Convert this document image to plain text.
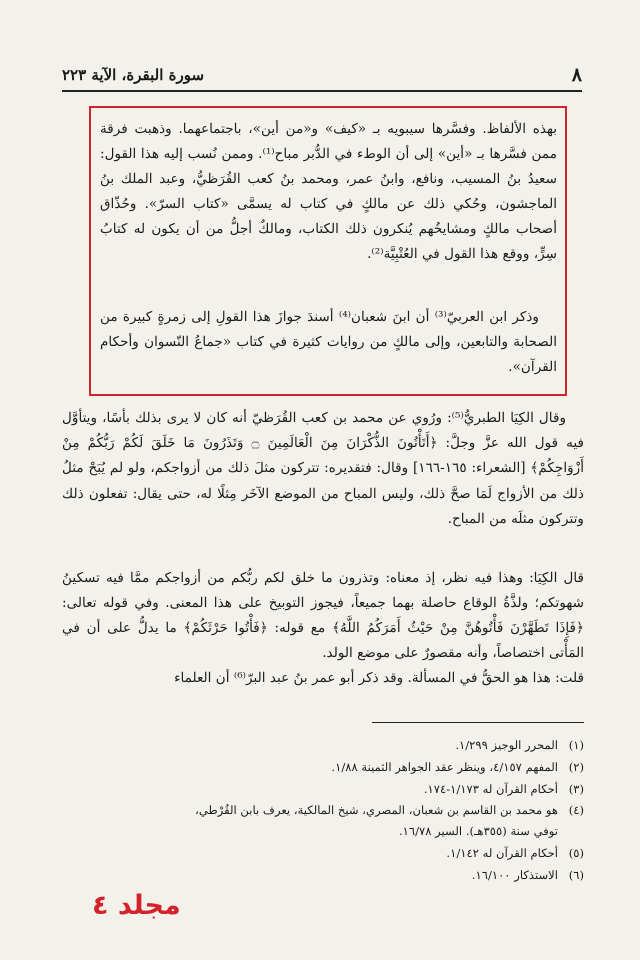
٨
سورة البقرة، الآية ٢٢٣

بهذه الألفاظ. وفسَّرها سيبويه بـ «كيف» و«من أين»، باجتماعهما. وذهبت فرقة ممن فسَّرها بـ «أين» إلى أن الوطء في الدُّبر مباح⁽¹⁾. وممن نُسب إليه هذا القول: سعيدُ بنُ المسيب، ونافع، وابنُ عمر، ومحمد بنُ كعب القُرَظيُّ، وعبد الملك بنُ الماجشون، وحُكي ذلك عن مالكٍ في كتاب له يسمَّى «كتاب السرّ». وحُذّاق أصحاب مالكٍ ومشايخُهم يُنكرون ذلك الكتاب، ومالكٌ أجلُّ من أن يكون له كتابُ سِرٍّ، ووقع هذا القول في العُتْبِيَّة⁽²⁾.

وذكر ابن العربيّ⁽³⁾ أن ابنَ شعبان⁽⁴⁾ أسندَ جوازَ هذا القولِ إلى زمرةٍ كبيرة من الصحابة والتابعين، وإلى مالكٍ من روايات كثيرة في كتاب «جماعُ النّسوان وأحكام القرآن».

وقال الكِيَا الطبريُّ⁽⁵⁾: ورُوي عن محمد بن كعب القُرَظيّ أنه كان لا يرى بذلك بأسًا، ويتأوَّل فيه قول الله عزَّ وجلَّ: ﴿أَتَأْتُونَ الذُّكْرَانَ مِنَ الْعَالَمِينَ ۝ وَتَذَرُونَ مَا خَلَقَ لَكُمْ رَبُّكُمْ مِنْ أَزْوَاجِكُمْ﴾ [الشعراء: ١٦٥-١٦٦] وقال: فتقديره: تتركون مثلَ ذلك من أزواجكم، ولو لم يُبَحْ مثلُ ذلك من الأزواج لَمَا صحَّ ذلك، وليس المباح من الموضع الآخَر مِثلًا له، حتى يقال: تفعلون ذلك وتتركون مثلَه من المباح.

قال الكِيَا: وهذا فيه نظر، إذ معناه: وتذرون ما خلق لكم ربُّكم من أزواجكم ممَّا فيه تسكينُ شهوتكم؛ ولذَّةُ الوقاع حاصلة بهما جميعاً، فيجوز التوبيخ على هذا المعنى. وفي قوله تعالى: ﴿فَإِذَا تَطَهَّرْنَ فَأْتُوهُنَّ مِنْ حَيْثُ أَمَرَكُمُ اللَّهُ﴾ مع قوله: ﴿فَأْتُوا حَرْثَكُمْ﴾ ما يدلُّ على أن في المَأْتى اختصاصاً، وأنه مقصورٌ على موضع الولد.

قلت: هذا هو الحقُّ في المسألة. وقد ذكر أبو عمر بنُ عبد البرّ⁽⁶⁾ أن العلماء

(١)
المحرر الوجيز ١/٢٩٩.
(٢)
المفهم ٤/١٥٧، وينظر عقد الجواهر الثمينة ١/٨٨.
(٣)
أحكام القرآن له ١/١٧٣-١٧٤.
(٤)
هو محمد بن القاسم بن شعبان، المصري، شيخ المالكية، يعرف بابن القُرْطي، توفي سنة (٣٥٥هـ). السير ١٦/٧٨.
(٥)
أحكام القرآن له ١/١٤٢.
(٦)
الاستذكار ١٦/١٠٠.
مجلد ٤
